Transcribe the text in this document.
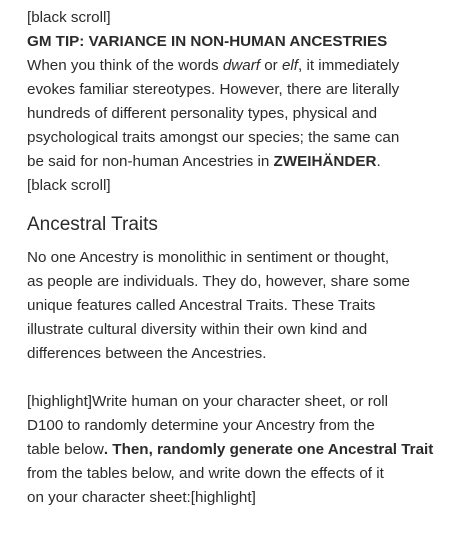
[black scroll]
GM TIP: VARIANCE IN NON-HUMAN ANCESTRIES
When you think of the words dwarf or elf, it immediately
evokes familiar stereotypes. However, there are literally
hundreds of different personality types, physical and
psychological traits amongst our species; the same can
be said for non-human Ancestries in ZWEIHÄNDER.
[black scroll]
Ancestral Traits
No one Ancestry is monolithic in sentiment or thought,
as people are individuals. They do, however, share some
unique features called Ancestral Traits. These Traits
illustrate cultural diversity within their own kind and
differences between the Ancestries.
[highlight]Write human on your character sheet, or roll
D100 to randomly determine your Ancestry from the
table below. Then, randomly generate one Ancestral Trait
from the tables below, and write down the effects of it
on your character sheet:[highlight]
